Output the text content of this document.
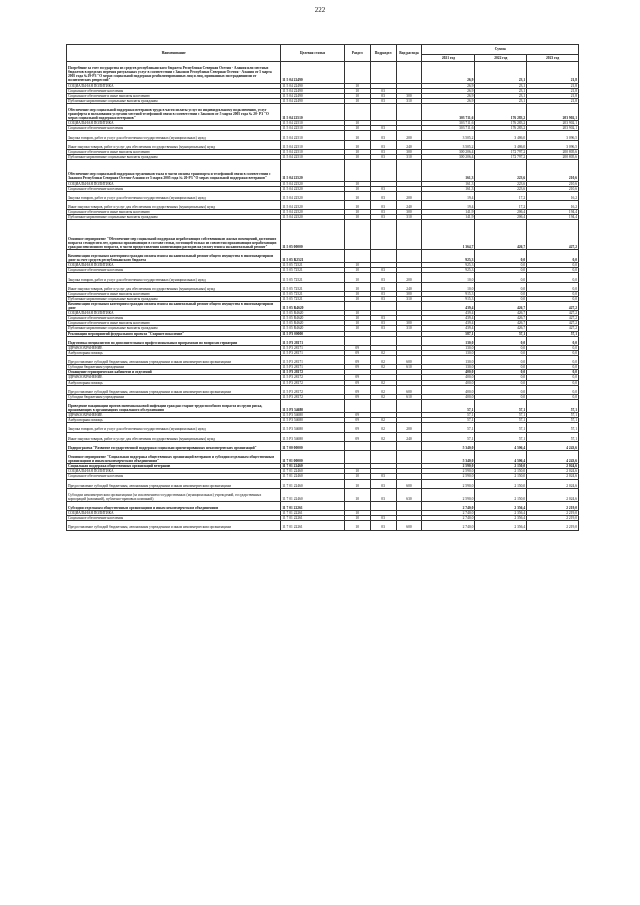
222
Наименование	Целевая статья	Раздел	Подраздел	Вид расхода	Сумма		
					2021 год	2022 год	2023 год
Погребение за счет государства из средств республиканского бюджета Республики Северная Осетия - Алания или местных бюджетов в пределах перечня ритуальных услуг в соответствии с Законом Республики Северная Осетия - Алания от 5 марта 2005 года №19-РЗ "О мерах социальной поддержки реабилитированных лиц и лиц, признанных пострадавшими от политических репрессий"	11 5 04 22490				26,9	23,1	21,8
СОЦИАЛЬНАЯ ПОЛИТИКА	11 5 04 22490	10			26,9	23,1	21,8
Социальное обеспечение населения	11 5 04 22490	10	03		26,9	23,1	21,8
Социальное обеспечение и иные выплаты населению	11 5 04 22490	10	03	300	26,9	23,1	21,8
Публичные нормативные социальные выплаты гражданам	11 5 04 22490	10	03	310	26,9	23,1	21,8
Обеспечение мер социальной поддержки ветеранов труда в части оплаты услуг по индивидуальному подключению, услуг трансферта и пользования услугами местной телефонной связи в соответствии с Законом от 5 марта 2005 года № 20- РЗ "О мерах социальной поддержки ветеранов"	11 5 04 22510				303 711,6	176 283,2	203 902,1
СОЦИАЛЬНАЯ ПОЛИТИКА	11 5 04 22510	10			303 711,6	176 283,2	203 902,1
Социальное обеспечение населения	11 5 04 22510	10	03		303 711,6	176 283,2	203 902,1
Закупка товаров, работ и услуг для обеспечения государственных (муниципальных) нужд	11 5 04 22510	10	03	200	3 505,2	3 486,0	3 096,5
Иные закупки товаров, работ и услуг для обеспечения государственных (муниципальных) нужд	11 5 04 22510	10	03	240	3 505,2	3 486,0	3 096,5
Социальное обеспечение и иные выплаты населению	11 5 04 22510	10	03	300	300 206,4	172 797,2	200 805,6
Публичные нормативные социальные выплаты гражданам	11 5 04 22510	10	03	310	300 206,4	172 797,2	200 805,6
Обеспечение мер социальной поддержки тружеников тыла в части оплаты транспорта и телефонной связи в соответствии с Законом Республики Северная Осетия-Алания от 5 марта 2005 года № 20-РЗ "О мерах социальной поддержки ветеранов"	11 5 04 22520				161,3	223,6	210,6
СОЦИАЛЬНАЯ ПОЛИТИКА	11 5 04 22520	10			161,3	223,6	210,6
Социальное обеспечение населения	11 5 04 22520	10	03		161,3	223,6	210,6
Закупка товаров, работ и услуг для обеспечения государственных (муниципальных) нужд	11 5 04 22520	10	03	200	19,4	17,2	16,2
Иные закупки товаров, работ и услуг для обеспечения государственных (муниципальных) нужд	11 5 04 22520	10	03	240	19,4	17,2	16,2
Социальное обеспечение и иные выплаты населению	11 5 04 22520	10	03	300	141,9	206,4	194,4
Публичные нормативные социальные выплаты гражданам	11 5 04 22520	10	03	310	141,9	206,4	194,4
Основное мероприятие "Обеспечение мер социальной поддержки неработающих собственников жилых помещений, достигших возраста семидесяти лет, одиноко проживающих в составе семьи, состоящей только из совместно проживающих неработающих граждан пенсионного возраста, в части предоставления компенсации расходов на уплату взноса на капитальный ремонт"	11 5 05 00000				1 364,7	426,7	427,2
Компенсация отдельным категориям граждан оплаты взноса на капитальный ремонт общего имущества в многоквартирном доме за счет средств республиканского бюджета	11 5 05 R2521				925,3	0,0	0,0
СОЦИАЛЬНАЯ ПОЛИТИКА	11 5 05 72521	10			925,3	0,0	0,0
Социальное обеспечение населения	11 5 05 72521	10	03		925,3	0,0	0,0
Закупка товаров, работ и услуг для обеспечения государственных (муниципальных) нужд	11 5 05 72521	10	03	200	10,0	0,0	0,0
Иные закупки товаров, работ и услуг для обеспечения государственных (муниципальных) нужд	11 5 05 72521	10	03	240	10,0	0,0	0,0
Социальное обеспечение и иные выплаты населению	11 5 05 72521	10	03	300	915,3	0,0	0,0
Публичные нормативные социальные выплаты гражданам	11 5 05 72521	10	03	310	915,3	0,0	0,0
Компенсация отдельным категориям граждан оплаты взноса на капитальный ремонт общего имущества в многоквартирном доме	11 5 05 R4620				439,4	426,7	427,2
СОЦИАЛЬНАЯ ПОЛИТИКА	11 5 05 R4620	10			439,4	426,7	427,2
Социальное обеспечение населения	11 5 05 R4620	10	03		439,4	426,7	427,2
Социальное обеспечение и иные выплаты населению	11 5 05 R4620	10	03	300	439,4	426,7	427,2
Публичные нормативные социальные выплаты гражданам	11 5 05 R4620	10	03	310	439,4	426,7	427,2
Реализация мероприятий федерального проекта "Старшее поколение"	11 5 P3 00000				587,1	57,1	57,1
Подготовка специалистов по дополнительным профессиональным программам по вопросам гериатрии	11 5 P3 28171				130,0	0,0	0,0
ЗДРАВООХРАНЕНИЕ	11 5 P3 28171	09			130,0	0,0	0,0
Амбулаторная помощь	11 5 P3 28171	09	02		130,0	0,0	0,0
Предоставление субсидий бюджетным, автономным учреждениям и иным некоммерческим организациям	11 5 P3 28171	09	02	600	130,0	0,0	0,0
Субсидии бюджетным учреждениям	11 5 P3 28171	09	02	610	130,0	0,0	0,0
Оснащение гериатрических кабинетов и отделений	11 5 P3 28172				400,0	0,0	0,0
ЗДРАВООХРАНЕНИЕ	11 5 P3 28172	09			400,0	0,0	0,0
Амбулаторная помощь	11 5 P3 28172	09	02		400,0	0,0	0,0
Предоставление субсидий бюджетным, автономным учреждениям и иным некоммерческим организациям	11 5 P3 28172	09	02	600	400,0	0,0	0,0
Субсидии бюджетным учреждениям	11 5 P3 28172	09	02	610	400,0	0,0	0,0
Проведение вакцинации против пневмококковой инфекции граждан старше трудоспособного возраста из групп риска, проживающих в организациях социального обслуживания	11 5 P3 54680				57,1	57,1	57,1
ЗДРАВООХРАНЕНИЕ	11 5 P3 54680	09			57,1	57,1	57,1
Амбулаторная помощь	11 5 P3 54680	09	02		57,1	57,1	57,1
Закупка товаров, работ и услуг для обеспечения государственных (муниципальных) нужд	11 5 P3 54680	09	02	200	57,1	57,1	57,1
Иные закупки товаров, работ и услуг для обеспечения государственных (муниципальных) нужд	11 5 P3 54680	09	02	240	57,1	57,1	57,1
Подпрограмма "Развитие государственной поддержки социально ориентированных некоммерческих организаций"	11 7 00 00000				5 340,0	4 506,4	4 243,6
Основное мероприятие "Социальная поддержка общественных организаций ветеранов и субсидии отдельным общественным организациям и иным некоммерческим объединениям"	11 7 01 00000				5 340,0	4 506,4	4 243,6
Социальная поддержка общественных организаций ветеранов	11 7 01 22460				2 590,0	2 150,0	2 024,6
СОЦИАЛЬНАЯ ПОЛИТИКА	11 7 01 22460	10			2 590,0	2 150,0	2 024,6
Социальное обеспечение населения	11 7 01 22460	10	03		2 590,0	2 150,0	2 024,6
Предоставление субсидий бюджетным, автономным учреждениям и иным некоммерческим организациям	11 7 01 22460	10	03	600	2 590,0	2 150,0	2 024,6
Субсидии некоммерческим организациям (за исключением государственных (муниципальных) учреждений, государственных корпораций (компаний), публично-правовых компаний)	11 7 01 22460	10	03	630	2 590,0	2 150,0	2 024,6
Субсидии отдельным общественным организациям и иным некоммерческим объединениям	11 7 01 22261				2 740,0	2 356,4	2 219,0
СОЦИАЛЬНАЯ ПОЛИТИКА	11 7 01 22261	10			2 740,0	2 356,4	2 219,0
Социальное обеспечение населения	11 7 01 22261	10	03		2 740,0	2 356,4	2 219,0
Предоставление субсидий бюджетным, автономным учреждениям и иным некоммерческим организациям	11 7 01 22261	10	03	600	2 740,0	2 356,4	2 219,0
